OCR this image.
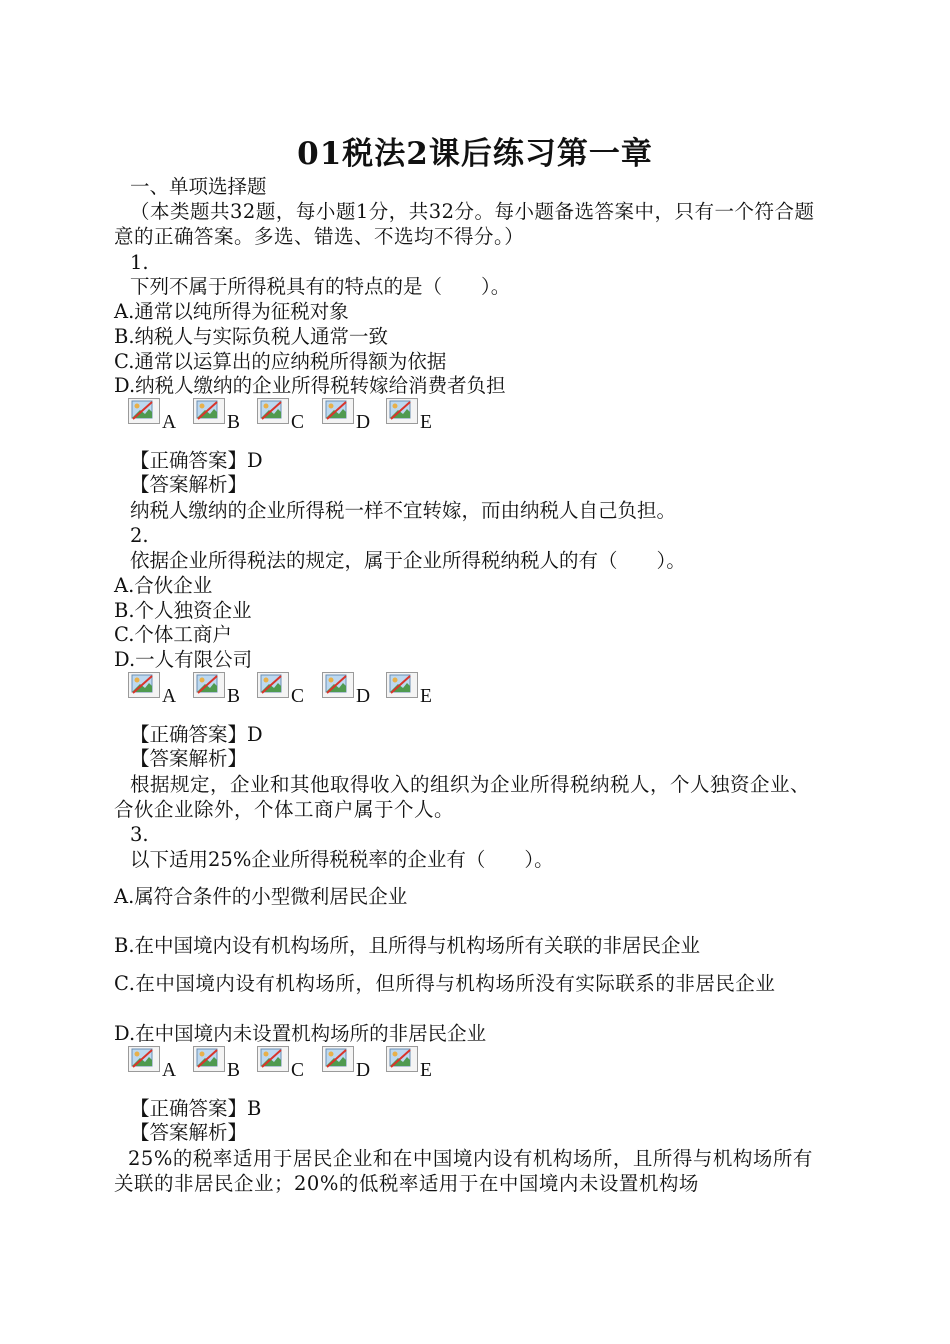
01税法2课后练习第一章
一、单项选择题
（本类题共32题，每小题1分，共32分。每小题备选答案中，只有一个符合题意的正确答案。多选、错选、不选均不得分。）
1.
下列不属于所得税具有的特点的是（　　）。
A.通常以纯所得为征税对象
B.纳税人与实际负税人通常一致
C.通常以运算出的应纳税所得额为依据
D.纳税人缴纳的企业所得税转嫁给消费者负担
A	B	C	D	E
【正确答案】D
【答案解析】
纳税人缴纳的企业所得税一样不宜转嫁，而由纳税人自己负担。
2.
依据企业所得税法的规定，属于企业所得税纳税人的有（　　）。
A.合伙企业
B.个人独资企业
C.个体工商户
D.一人有限公司
A	B	C	D	E
【正确答案】D
【答案解析】
根据规定，企业和其他取得收入的组织为企业所得税纳税人，个人独资企业、合伙企业除外，个体工商户属于个人。
3.
以下适用25%企业所得税税率的企业有（　　）。
A.属符合条件的小型微利居民企业
B.在中国境内设有机构场所，且所得与机构场所有关联的非居民企业
C.在中国境内设有机构场所，但所得与机构场所没有实际联系的非居民企业
D.在中国境内未设置机构场所的非居民企业
A	B	C	D	E
【正确答案】B
【答案解析】
25%的税率适用于居民企业和在中国境内设有机构场所，且所得与机构场所有关联的非居民企业；20%的低税率适用于在中国境内未设置机构场
